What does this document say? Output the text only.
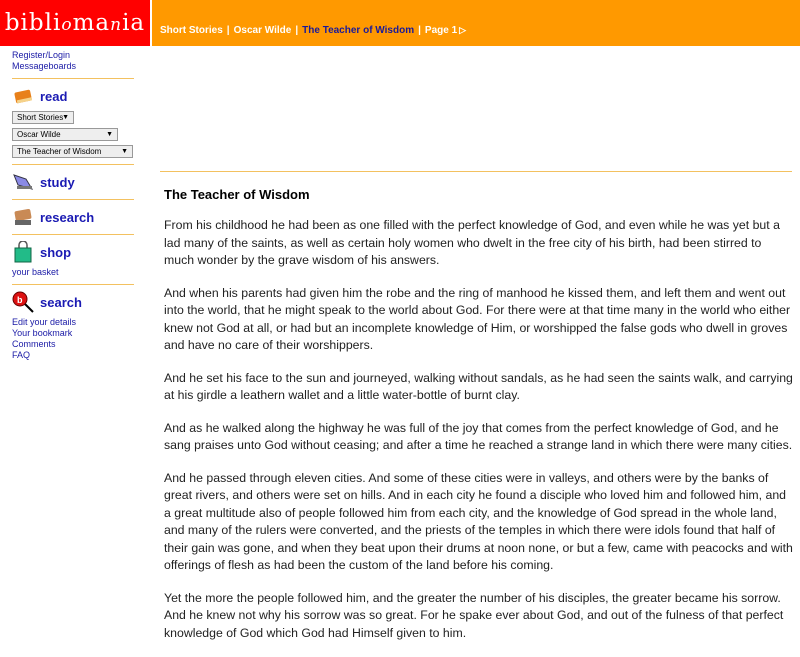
bibliomania	Short Stories | Oscar Wilde | The Teacher of Wisdom | Page 1 ▷
Register/Login
Messageboards
read
Short Stories
▼
Oscar Wilde	▼
The Teacher of Wisdom	▼
study
research
shop
your basket
b search
Edit your details
Your bookmark
Comments
FAQ
The Teacher of Wisdom

From his childhood he had been as one filled with the perfect knowledge of God, and even while he was yet but a lad many of the saints, as well as certain holy women who dwelt in the free city of his birth, had been stirred to much wonder by the grave wisdom of his answers.

And when his parents had given him the robe and the ring of manhood he kissed them, and left them and went out into the world, that he might speak to the world about God. For there were at that time many in the world who either knew not God at all, or had but an incomplete knowledge of Him, or worshipped the false gods who dwell in groves and have no care of their worshippers.

And he set his face to the sun and journeyed, walking without sandals, as he had seen the saints walk, and carrying at his girdle a leathern wallet and a little water-bottle of burnt clay.

And as he walked along the highway he was full of the joy that comes from the perfect knowledge of God, and he sang praises unto God without ceasing; and after a time he reached a strange land in which there were many cities.

And he passed through eleven cities. And some of these cities were in valleys, and others were by the banks of great rivers, and others were set on hills. And in each city he found a disciple who loved him and followed him, and a great multitude also of people followed him from each city, and the knowledge of God spread in the whole land, and many of the rulers were converted, and the priests of the temples in which there were idols found that half of their gain was gone, and when they beat upon their drums at noon none, or but a few, came with peacocks and with offerings of flesh as had been the custom of the land before his coming.

Yet the more the people followed him, and the greater the number of his disciples, the greater became his sorrow. And he knew not why his sorrow was so great. For he spake ever about God, and out of the fulness of that perfect knowledge of God which God had Himself given to him.
